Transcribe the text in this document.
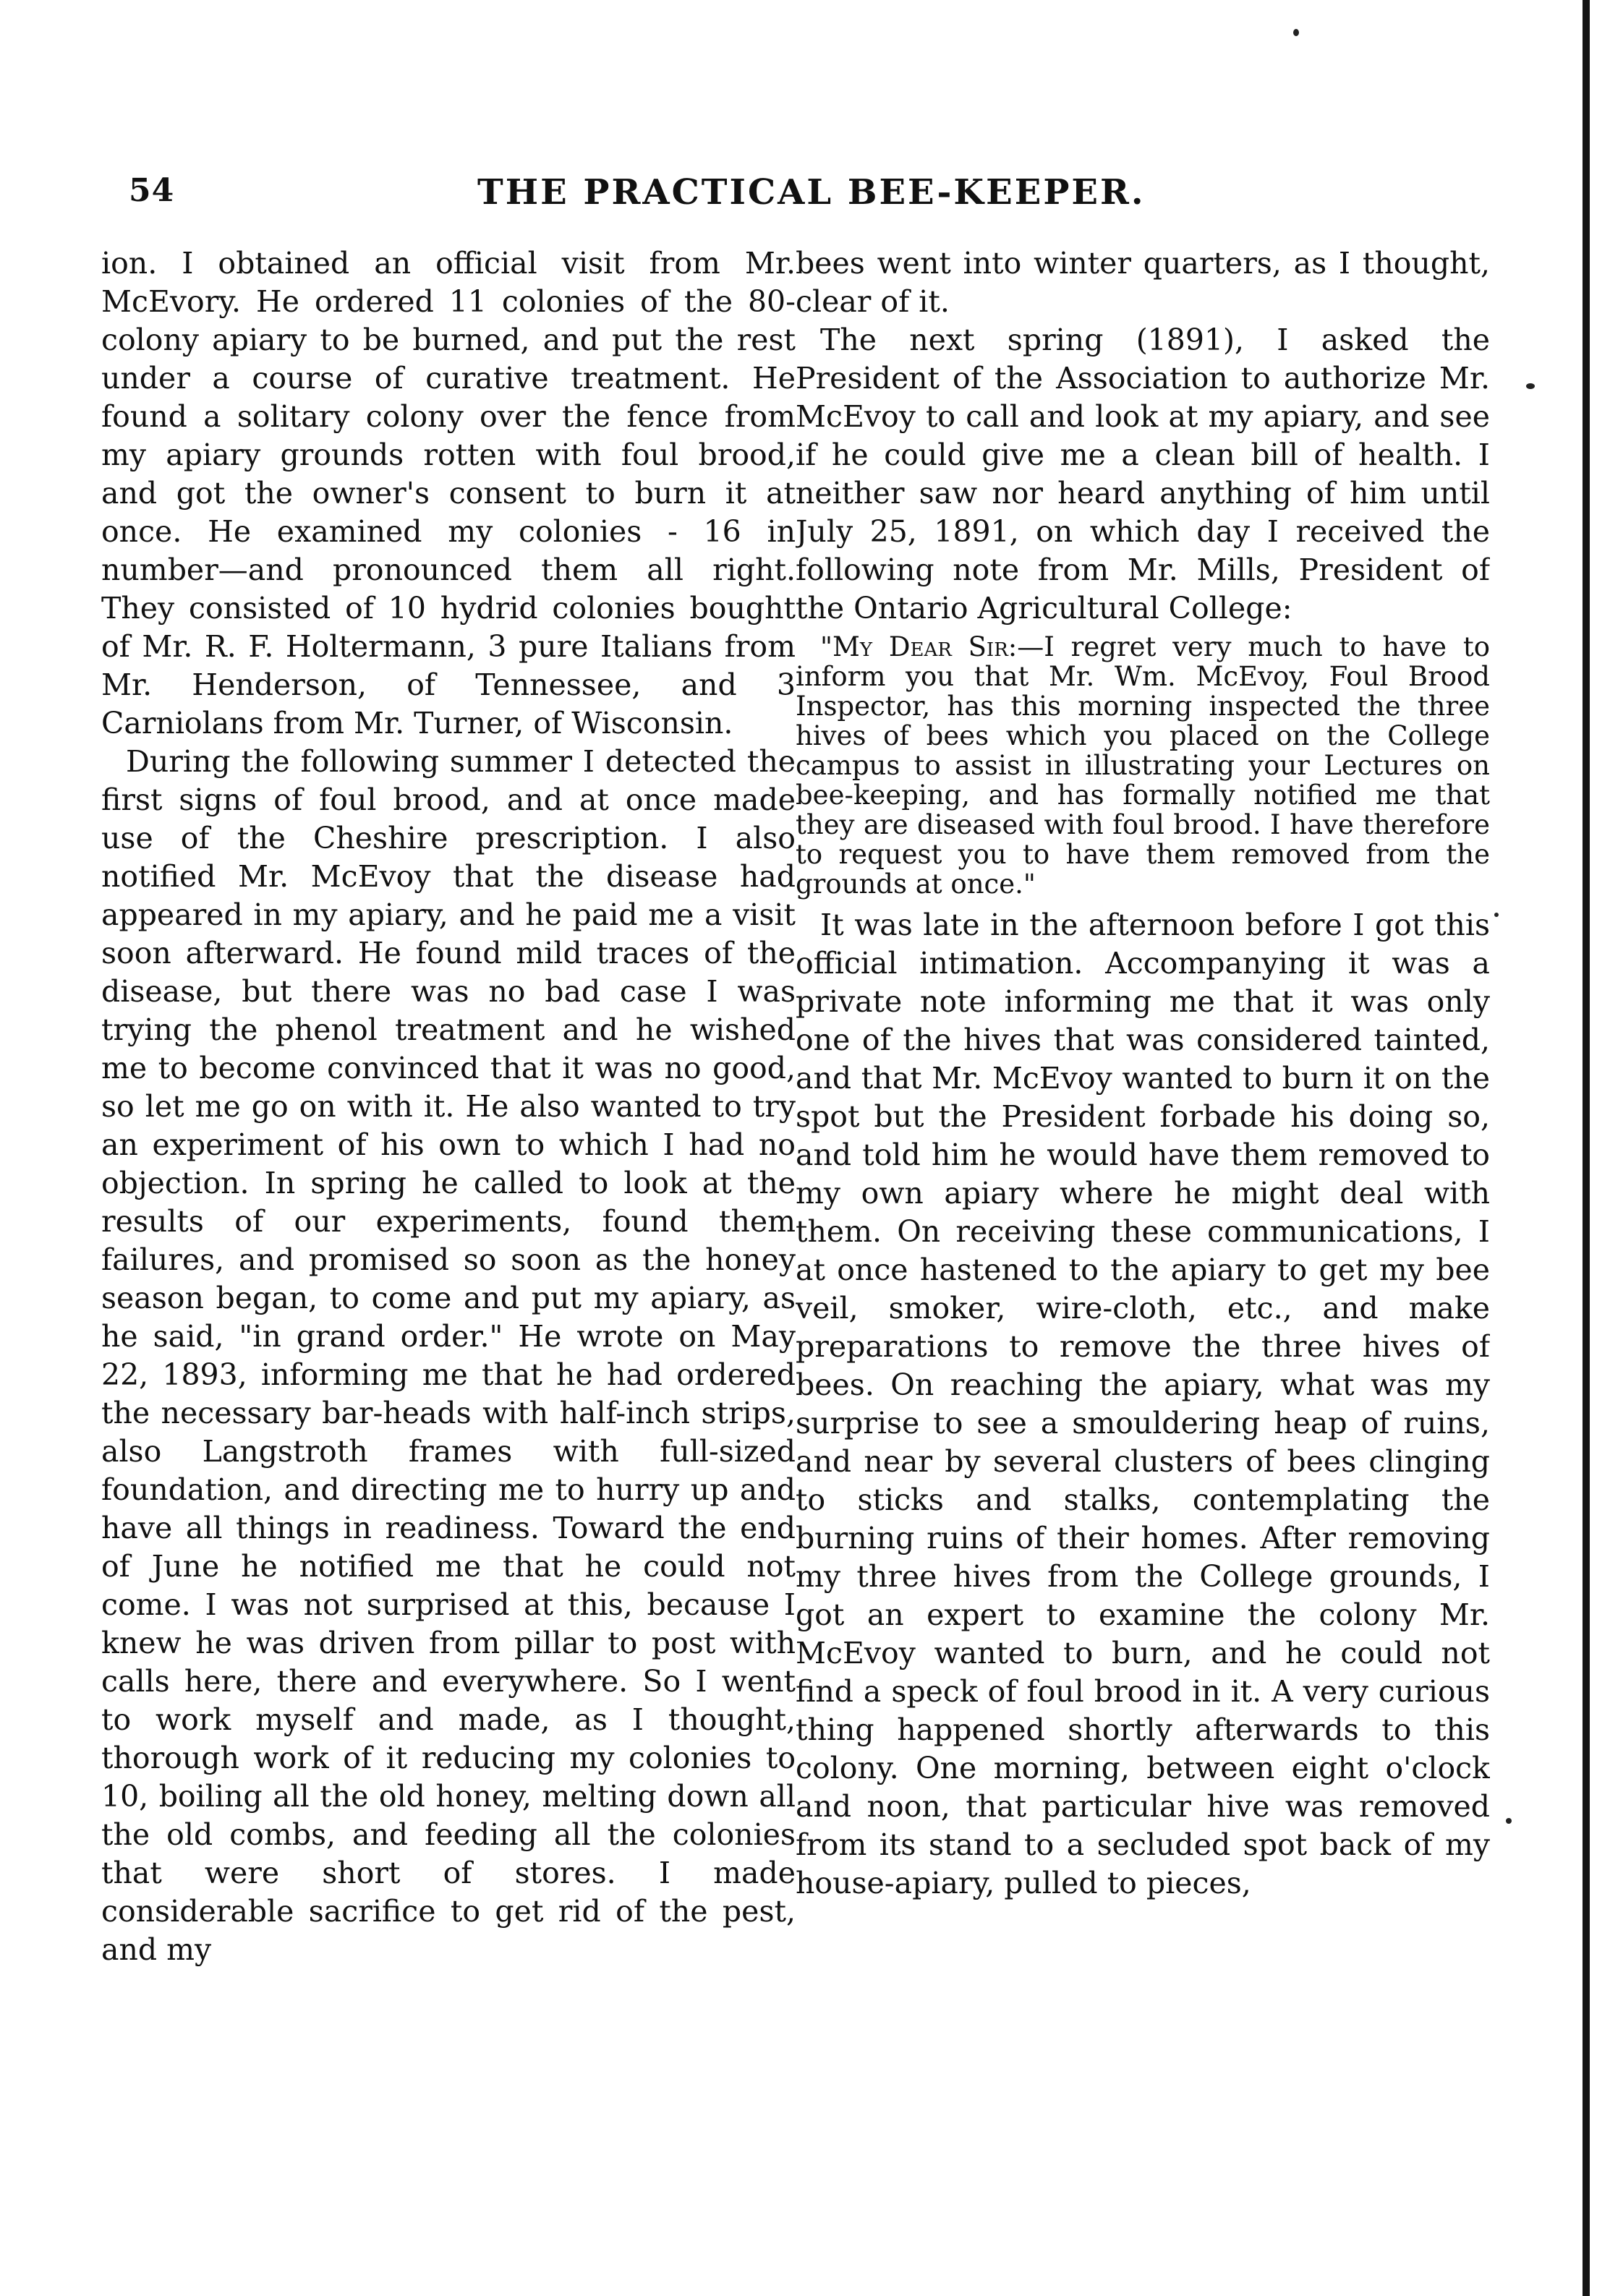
54	THE PRACTICAL BEE-KEEPER.

ion. I obtained an official visit from Mr. McEvory. He ordered 11 colonies of the 80-colony apiary to be burned, and put the rest under a course of curative treatment. He found a solitary colony over the fence from my apiary grounds rotten with foul brood, and got the owner's consent to burn it at once. He examined my colonies - 16 in number—and pronounced them all right. They consisted of 10 hydrid colonies bought of Mr. R. F. Holtermann, 3 pure Italians from Mr. Henderson, of Tennessee, and 3 Carniolans from Mr. Turner, of Wisconsin.

During the following summer I detected the first signs of foul brood, and at once made use of the Cheshire prescription. I also notified Mr. McEvoy that the disease had appeared in my apiary, and he paid me a visit soon afterward. He found mild traces of the disease, but there was no bad case I was trying the phenol treatment and he wished me to become convinced that it was no good, so let me go on with it. He also wanted to try an experiment of his own to which I had no objection. In spring he called to look at the results of our experiments, found them failures, and promised so soon as the honey season began, to come and put my apiary, as he said, "in grand order." He wrote on May 22, 1893, informing me that he had ordered the necessary bar-heads with half-inch strips, also Langstroth frames with full-sized foundation, and directing me to hurry up and have all things in readiness. Toward the end of June he notified me that he could not come. I was not surprised at this, because I knew he was driven from pillar to post with calls here, there and everywhere. So I went to work myself and made, as I thought, thorough work of it reducing my colonies to 10, boiling all the old honey, melting down all the old combs, and feeding all the colonies that were short of stores. I made considerable sacrifice to get rid of the pest, and my

bees went into winter quarters, as I thought, clear of it.

The next spring (1891), I asked the President of the Association to authorize Mr. McEvoy to call and look at my apiary, and see if he could give me a clean bill of health. I neither saw nor heard anything of him until July 25, 1891, on which day I received the following note from Mr. Mills, President of the Ontario Agricultural College:

"My Dear Sir:—I regret very much to have to inform you that Mr. Wm. McEvoy, Foul Brood Inspector, has this morning inspected the three hives of bees which you placed on the College campus to assist in illustrating your Lectures on bee-keeping, and has formally notified me that they are diseased with foul brood. I have therefore to request you to have them removed from the grounds at once."

It was late in the afternoon before I got this official intimation. Accompanying it was a private note informing me that it was only one of the hives that was considered tainted, and that Mr. McEvoy wanted to burn it on the spot but the President forbade his doing so, and told him he would have them removed to my own apiary where he might deal with them. On receiving these communications, I at once hastened to the apiary to get my bee veil, smoker, wire-cloth, etc., and make preparations to remove the three hives of bees. On reaching the apiary, what was my surprise to see a smouldering heap of ruins, and near by several clusters of bees clinging to sticks and stalks, contemplating the burning ruins of their homes. After removing my three hives from the College grounds, I got an expert to examine the colony Mr. McEvoy wanted to burn, and he could not find a speck of foul brood in it. A very curious thing happened shortly afterwards to this colony. One morning, between eight o'clock and noon, that particular hive was removed from its stand to a secluded spot back of my house-apiary, pulled to pieces,
